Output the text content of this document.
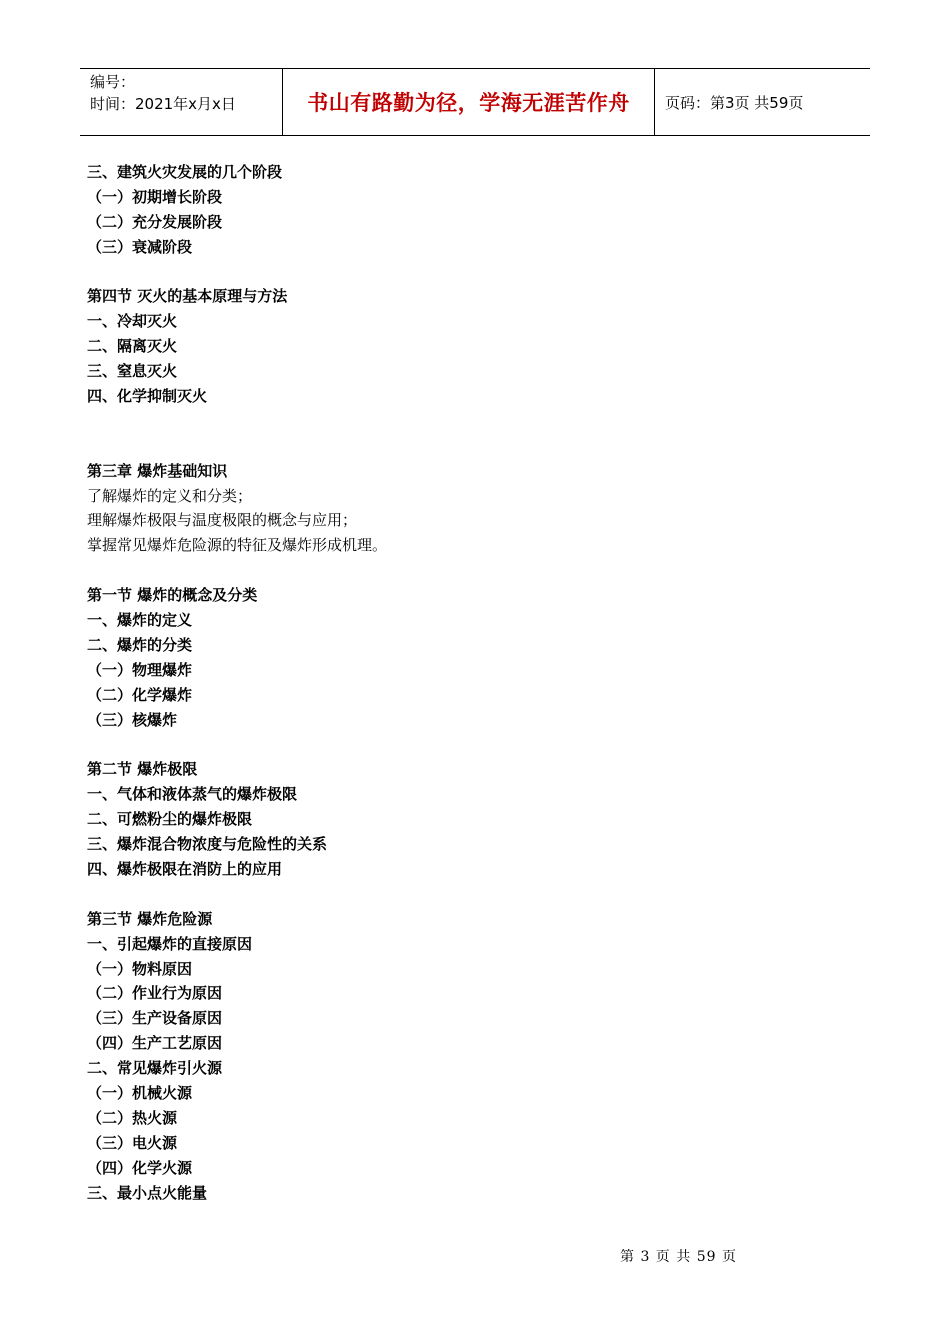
编号：
时间：2021年x月x日	书山有路勤为径，学海无涯苦作舟 页码：第3页 共59页
三、建筑火灾发展的几个阶段
（一）初期增长阶段
（二）充分发展阶段
（三）衰减阶段
第四节 灭火的基本原理与方法
一、冷却灭火
二、隔离灭火
三、窒息灭火
四、化学抑制灭火
第三章 爆炸基础知识
了解爆炸的定义和分类；
理解爆炸极限与温度极限的概念与应用；
掌握常见爆炸危险源的特征及爆炸形成机理。
第一节 爆炸的概念及分类
一、爆炸的定义
二、爆炸的分类
（一）物理爆炸
（二）化学爆炸
（三）核爆炸
第二节 爆炸极限
一、气体和液体蒸气的爆炸极限
二、可燃粉尘的爆炸极限
三、爆炸混合物浓度与危险性的关系
四、爆炸极限在消防上的应用
第三节 爆炸危险源
一、引起爆炸的直接原因
（一）物料原因
（二）作业行为原因
（三）生产设备原因
（四）生产工艺原因
二、常见爆炸引火源
（一）机械火源
（二）热火源
（三）电火源
（四）化学火源
三、最小点火能量
第 3 页 共 59 页
